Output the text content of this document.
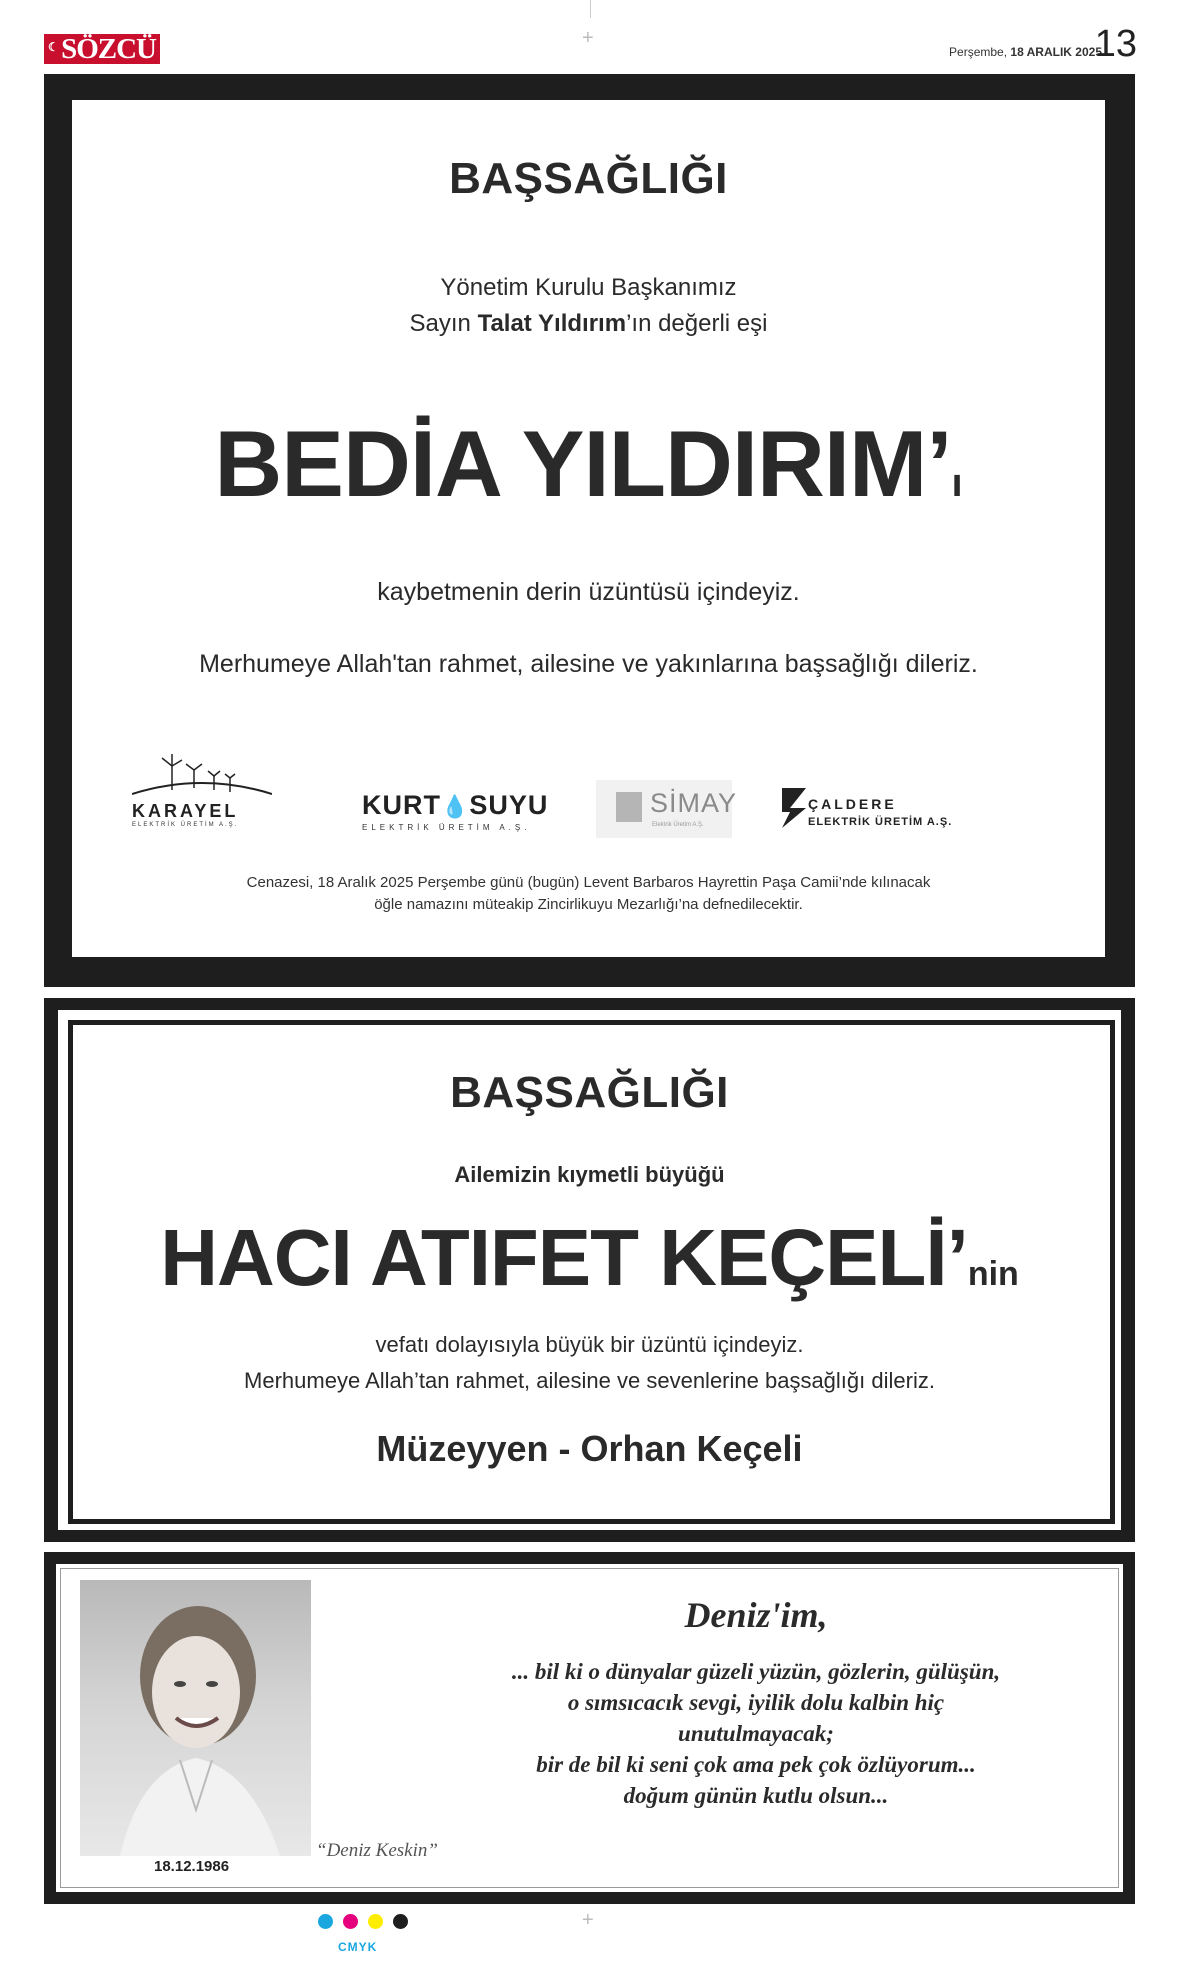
☾ SÖZCÜ	Perşembe, 18 ARALIK 2025
13
+
+
BAŞSAĞLIĞI
Yönetim Kurulu Başkanımız
Sayın Talat Yıldırım’ın değerli eşi
BEDİA YILDIRIM’ı
kaybetmenin derin üzüntüsü içindeyiz.
Merhumeye Allah'tan rahmet, ailesine ve yakınlarına başsağlığı dileriz.
KARAYEL
ELEKTRİK ÜRETİM A.Ş.
KURT💧SUYU
ELEKTRİK ÜRETİM A.Ş.
SİMAY
Elektrik Üretim A.Ş.
ÇALDERE
ELEKTRİK ÜRETİM A.Ş.
Cenazesi, 18 Aralık 2025 Perşembe günü (bugün) Levent Barbaros Hayrettin Paşa Camii’nde kılınacak
öğle namazını müteakip Zincirlikuyu Mezarlığı’na defnedilecektir.
BAŞSAĞLIĞI
Ailemizin kıymetli büyüğü
HACI ATIFET KEÇELİ’nin
vefatı dolayısıyla büyük bir üzüntü içindeyiz.
Merhumeye Allah’tan rahmet, ailesine ve sevenlerine başsağlığı dileriz.
Müzeyyen - Orhan Keçeli
18.12.1986
“Deniz Keskin”
Deniz'im,
... bil ki o dünyalar güzeli yüzün, gözlerin, gülüşün,
o sımsıcacık sevgi, iyilik dolu kalbin hiç
unutulmayacak;
bir de bil ki seni çok ama pek çok özlüyorum...
doğum günün kutlu olsun...
CMYK
